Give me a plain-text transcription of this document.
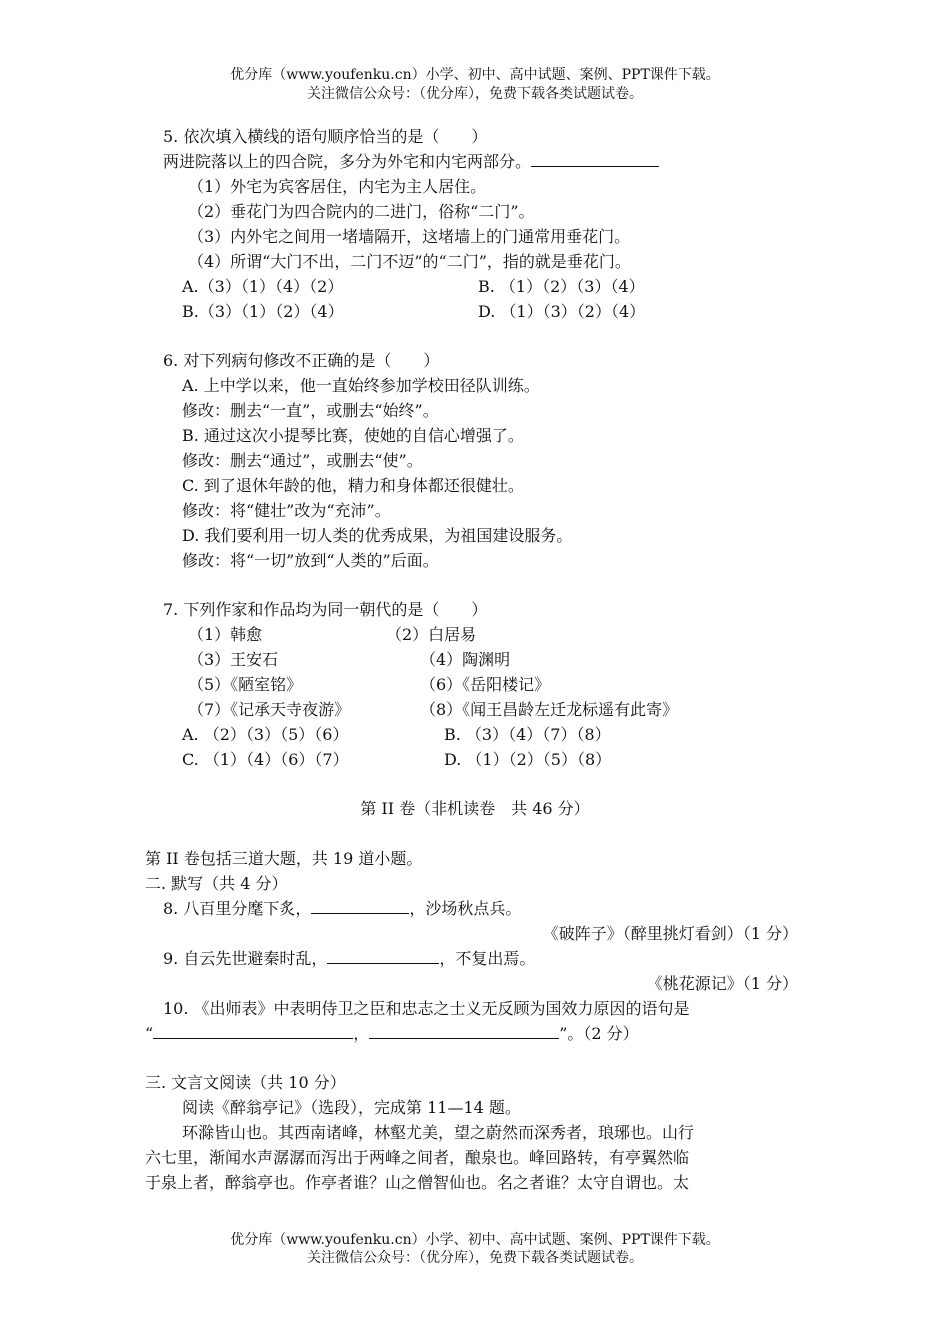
优分库（www.youfenku.cn）小学、初中、高中试题、案例、PPT课件下载。
关注微信公众号：（优分库），免费下载各类试题试卷。
5. 依次填入横线的语句顺序恰当的是（　　）
两进院落以上的四合院，多分为外宅和内宅两部分。
（1）外宅为宾客居住，内宅为主人居住。
（2）垂花门为四合院内的二进门，俗称“二门”。
（3）内外宅之间用一堵墙隔开，这堵墙上的门通常用垂花门。
（4）所谓“大门不出，二门不迈”的“二门”，指的就是垂花门。
A.（3）（1）（4）（2）	B. （1）（2）（3）（4）
B.（3）（1）（2）（4）	D. （1）（3）（2）（4）
6. 对下列病句修改不正确的是（　　）
A. 上中学以来，他一直始终参加学校田径队训练。
修改：删去“一直”，或删去“始终”。
B. 通过这次小提琴比赛，使她的自信心增强了。
修改：删去“通过”，或删去“使”。
C. 到了退休年龄的他，精力和身体都还很健壮。
修改：将“健壮”改为“充沛”。
D. 我们要利用一切人类的优秀成果，为祖国建设服务。
修改：将“一切”放到“人类的”后面。
7. 下列作家和作品均为同一朝代的是（　　）
（1）韩愈	（2）白居易
（3）王安石	（4）陶渊明
（5）《陋室铭》	（6）《岳阳楼记》
（7）《记承天寺夜游》	（8）《闻王昌龄左迁龙标遥有此寄》
A. （2）（3）（5）（6）	B. （3）（4）（7）（8）
C. （1）（4）（6）（7）	D. （1）（2）（5）（8）
第 II 卷（非机读卷　共 46 分）
第 II 卷包括三道大题，共 19 道小题。
二. 默写（共 4 分）
8. 八百里分麾下炙，	，沙场秋点兵。
《破阵子》（醉里挑灯看剑）（1 分）
9. 自云先世避秦时乱，	，不复出焉。
《桃花源记》（1 分）
10. 《出师表》中表明侍卫之臣和忠志之士义无反顾为国效力原因的语句是
“	，	”。（2 分）
三. 文言文阅读（共 10 分）
阅读《醉翁亭记》（选段），完成第 11—14 题。
环滁皆山也。其西南诸峰，林壑尤美，望之蔚然而深秀者，琅琊也。山行
六七里，渐闻水声潺潺而泻出于两峰之间者，酿泉也。峰回路转，有亭翼然临
于泉上者，醉翁亭也。作亭者谁？山之僧智仙也。名之者谁？太守自谓也。太
优分库（www.youfenku.cn）小学、初中、高中试题、案例、PPT课件下载。
关注微信公众号：（优分库），免费下载各类试题试卷。
